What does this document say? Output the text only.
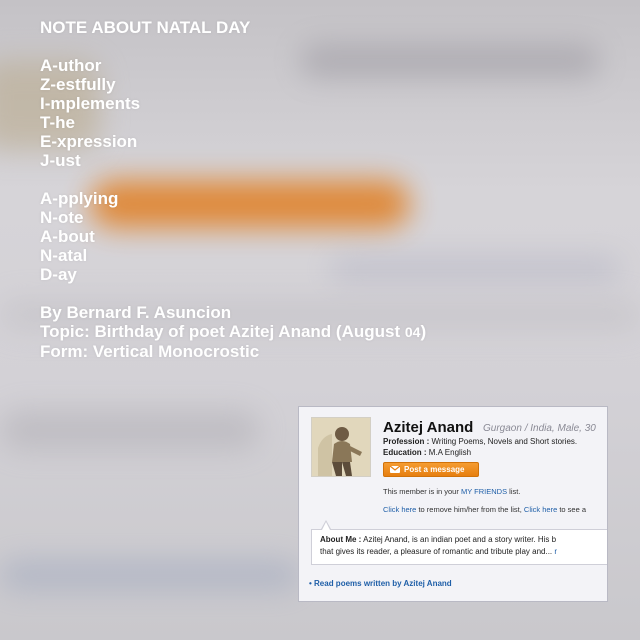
NOTE ABOUT NATAL DAY
A-uthor
Z-estfully
I-mplements
T-he
E-xpression
J-ust
A-pplying
N-ote
A-bout
N-atal
D-ay
By Bernard F. Asuncion
Topic: Birthday of poet Azitej Anand (August 04)
Form: Vertical Monocrostic
Azitej Anand Gurgaon / India, Male, 30
Profession : Writing Poems, Novels and Short stories.
Education : M.A English
Post a message
This member is in your MY FRIENDS list.
Click here to remove him/her from the list, Click here to see a
About Me : Azitej Anand, is an indian poet and a story writer. His b
that gives its reader, a pleasure of romantic and tribute play and... r
• Read poems written by Azitej Anand
